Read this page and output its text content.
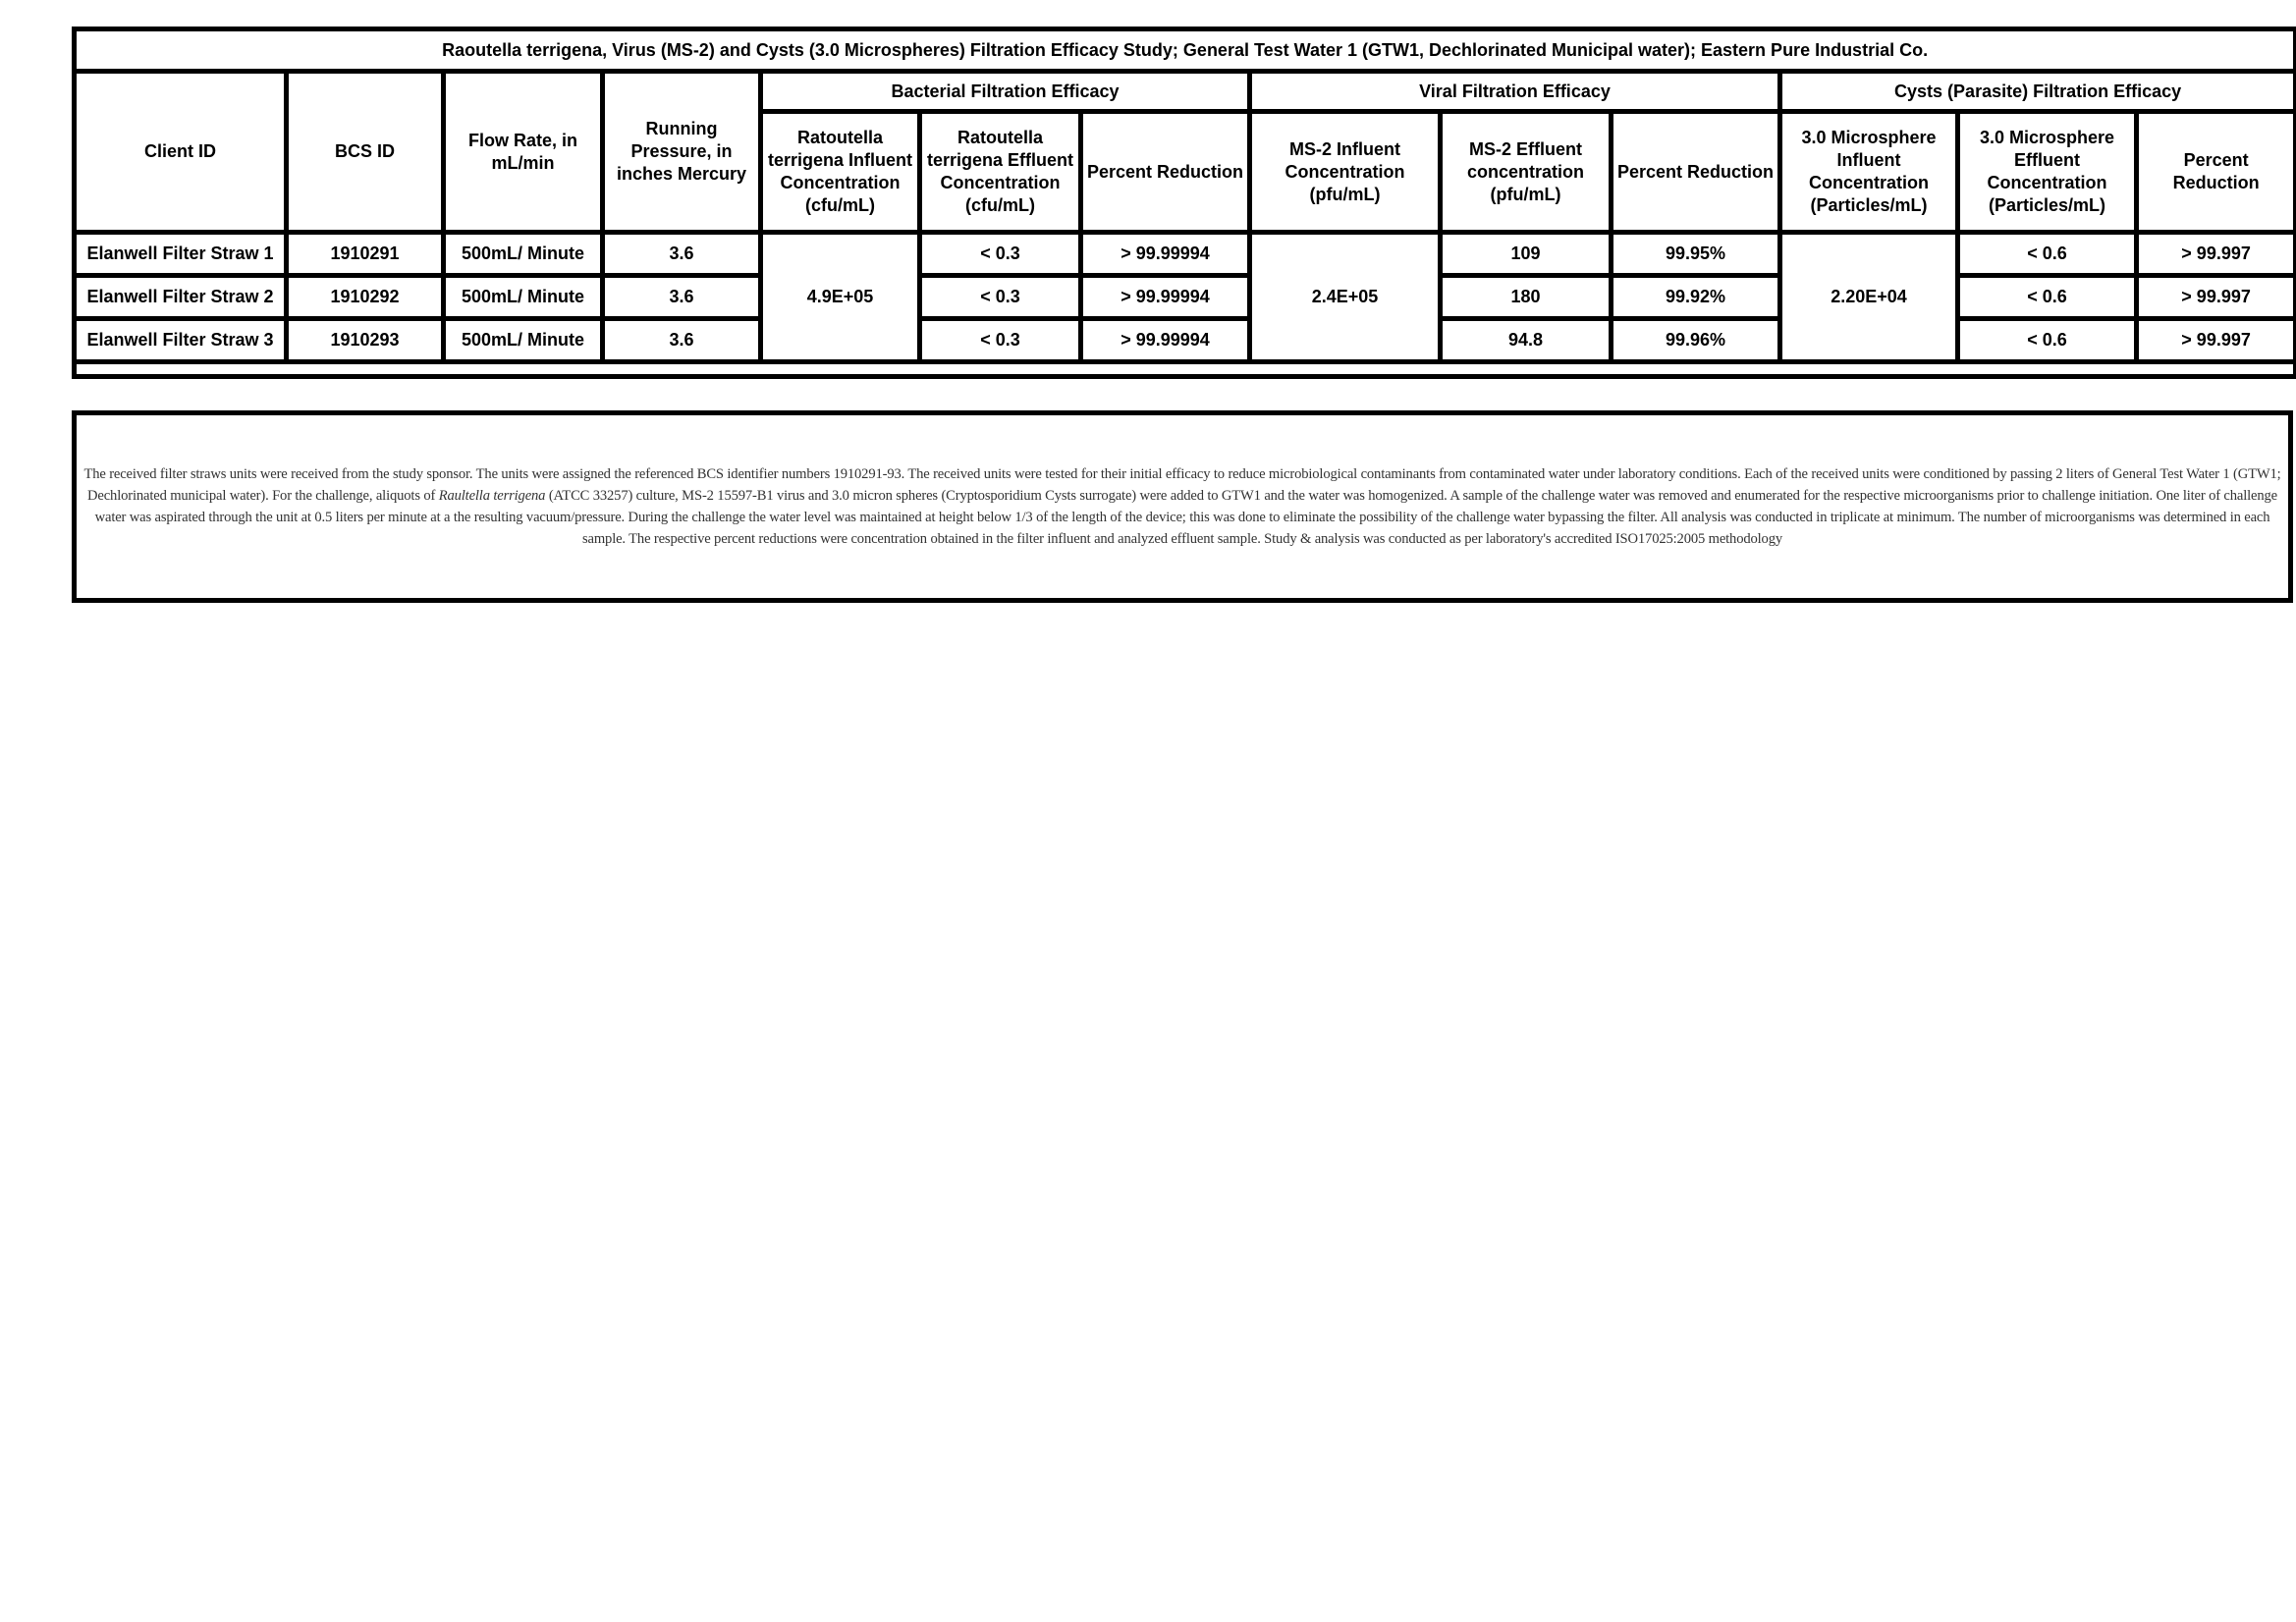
Raoutella terrigena, Virus (MS-2) and Cysts (3.0 Microspheres) Filtration Efficacy Study; General Test Water 1 (GTW1, Dechlorinated Municipal water); Eastern Pure Industrial Co.												
Client ID	BCS ID	Flow Rate, in mL/min	Running Pressure, in inches Mercury	Bacterial Filtration Efficacy			Viral Filtration Efficacy			Cysts (Parasite) Filtration Efficacy		
				Ratoutella terrigena Influent Concentration (cfu/mL)	Ratoutella terrigena Effluent Concentration (cfu/mL)	Percent Reduction	MS-2 Influent Concentration (pfu/mL)	MS-2 Effluent concentration (pfu/mL)	Percent Reduction	3.0 Microsphere Influent Concentration (Particles/mL)	3.0 Microsphere Effluent Concentration (Particles/mL)	Percent Reduction
Elanwell Filter Straw 1	1910291	500mL/ Minute	3.6	4.9E+05	< 0.3	> 99.99994	2.4E+05	109	99.95%	2.20E+04	< 0.6	> 99.997
Elanwell Filter Straw 2	1910292	500mL/ Minute	3.6		< 0.3	> 99.99994		180	99.92%		< 0.6	> 99.997
Elanwell Filter Straw 3	1910293	500mL/ Minute	3.6		< 0.3	> 99.99994		94.8	99.96%		< 0.6	> 99.997

The received filter straws units were received from the study sponsor. The units were assigned the referenced BCS identifier numbers 1910291-93. The received units were tested for their initial efficacy to reduce microbiological contaminants from contaminated water under laboratory conditions. Each of the received units were conditioned by passing 2 liters of General Test Water 1 (GTW1; Dechlorinated municipal water). For the challenge, aliquots of Raultella terrigena (ATCC 33257) culture, MS-2 15597-B1 virus and 3.0 micron spheres (Cryptosporidium Cysts surrogate) were added to GTW1 and the water was homogenized. A sample of the challenge water was removed and enumerated for the respective microorganisms prior to challenge initiation. One liter of challenge water was aspirated through the unit at 0.5 liters per minute at a the resulting vacuum/pressure. During the challenge the water level was maintained at height below 1/3 of the length of the device; this was done to eliminate the possibility of the challenge water bypassing the filter. All analysis was conducted in triplicate at minimum. The number of microorganisms was determined in each sample. The respective percent reductions were concentration obtained in the filter influent and analyzed effluent sample. Study & analysis was conducted as per laboratory's accredited ISO17025:2005 methodology
